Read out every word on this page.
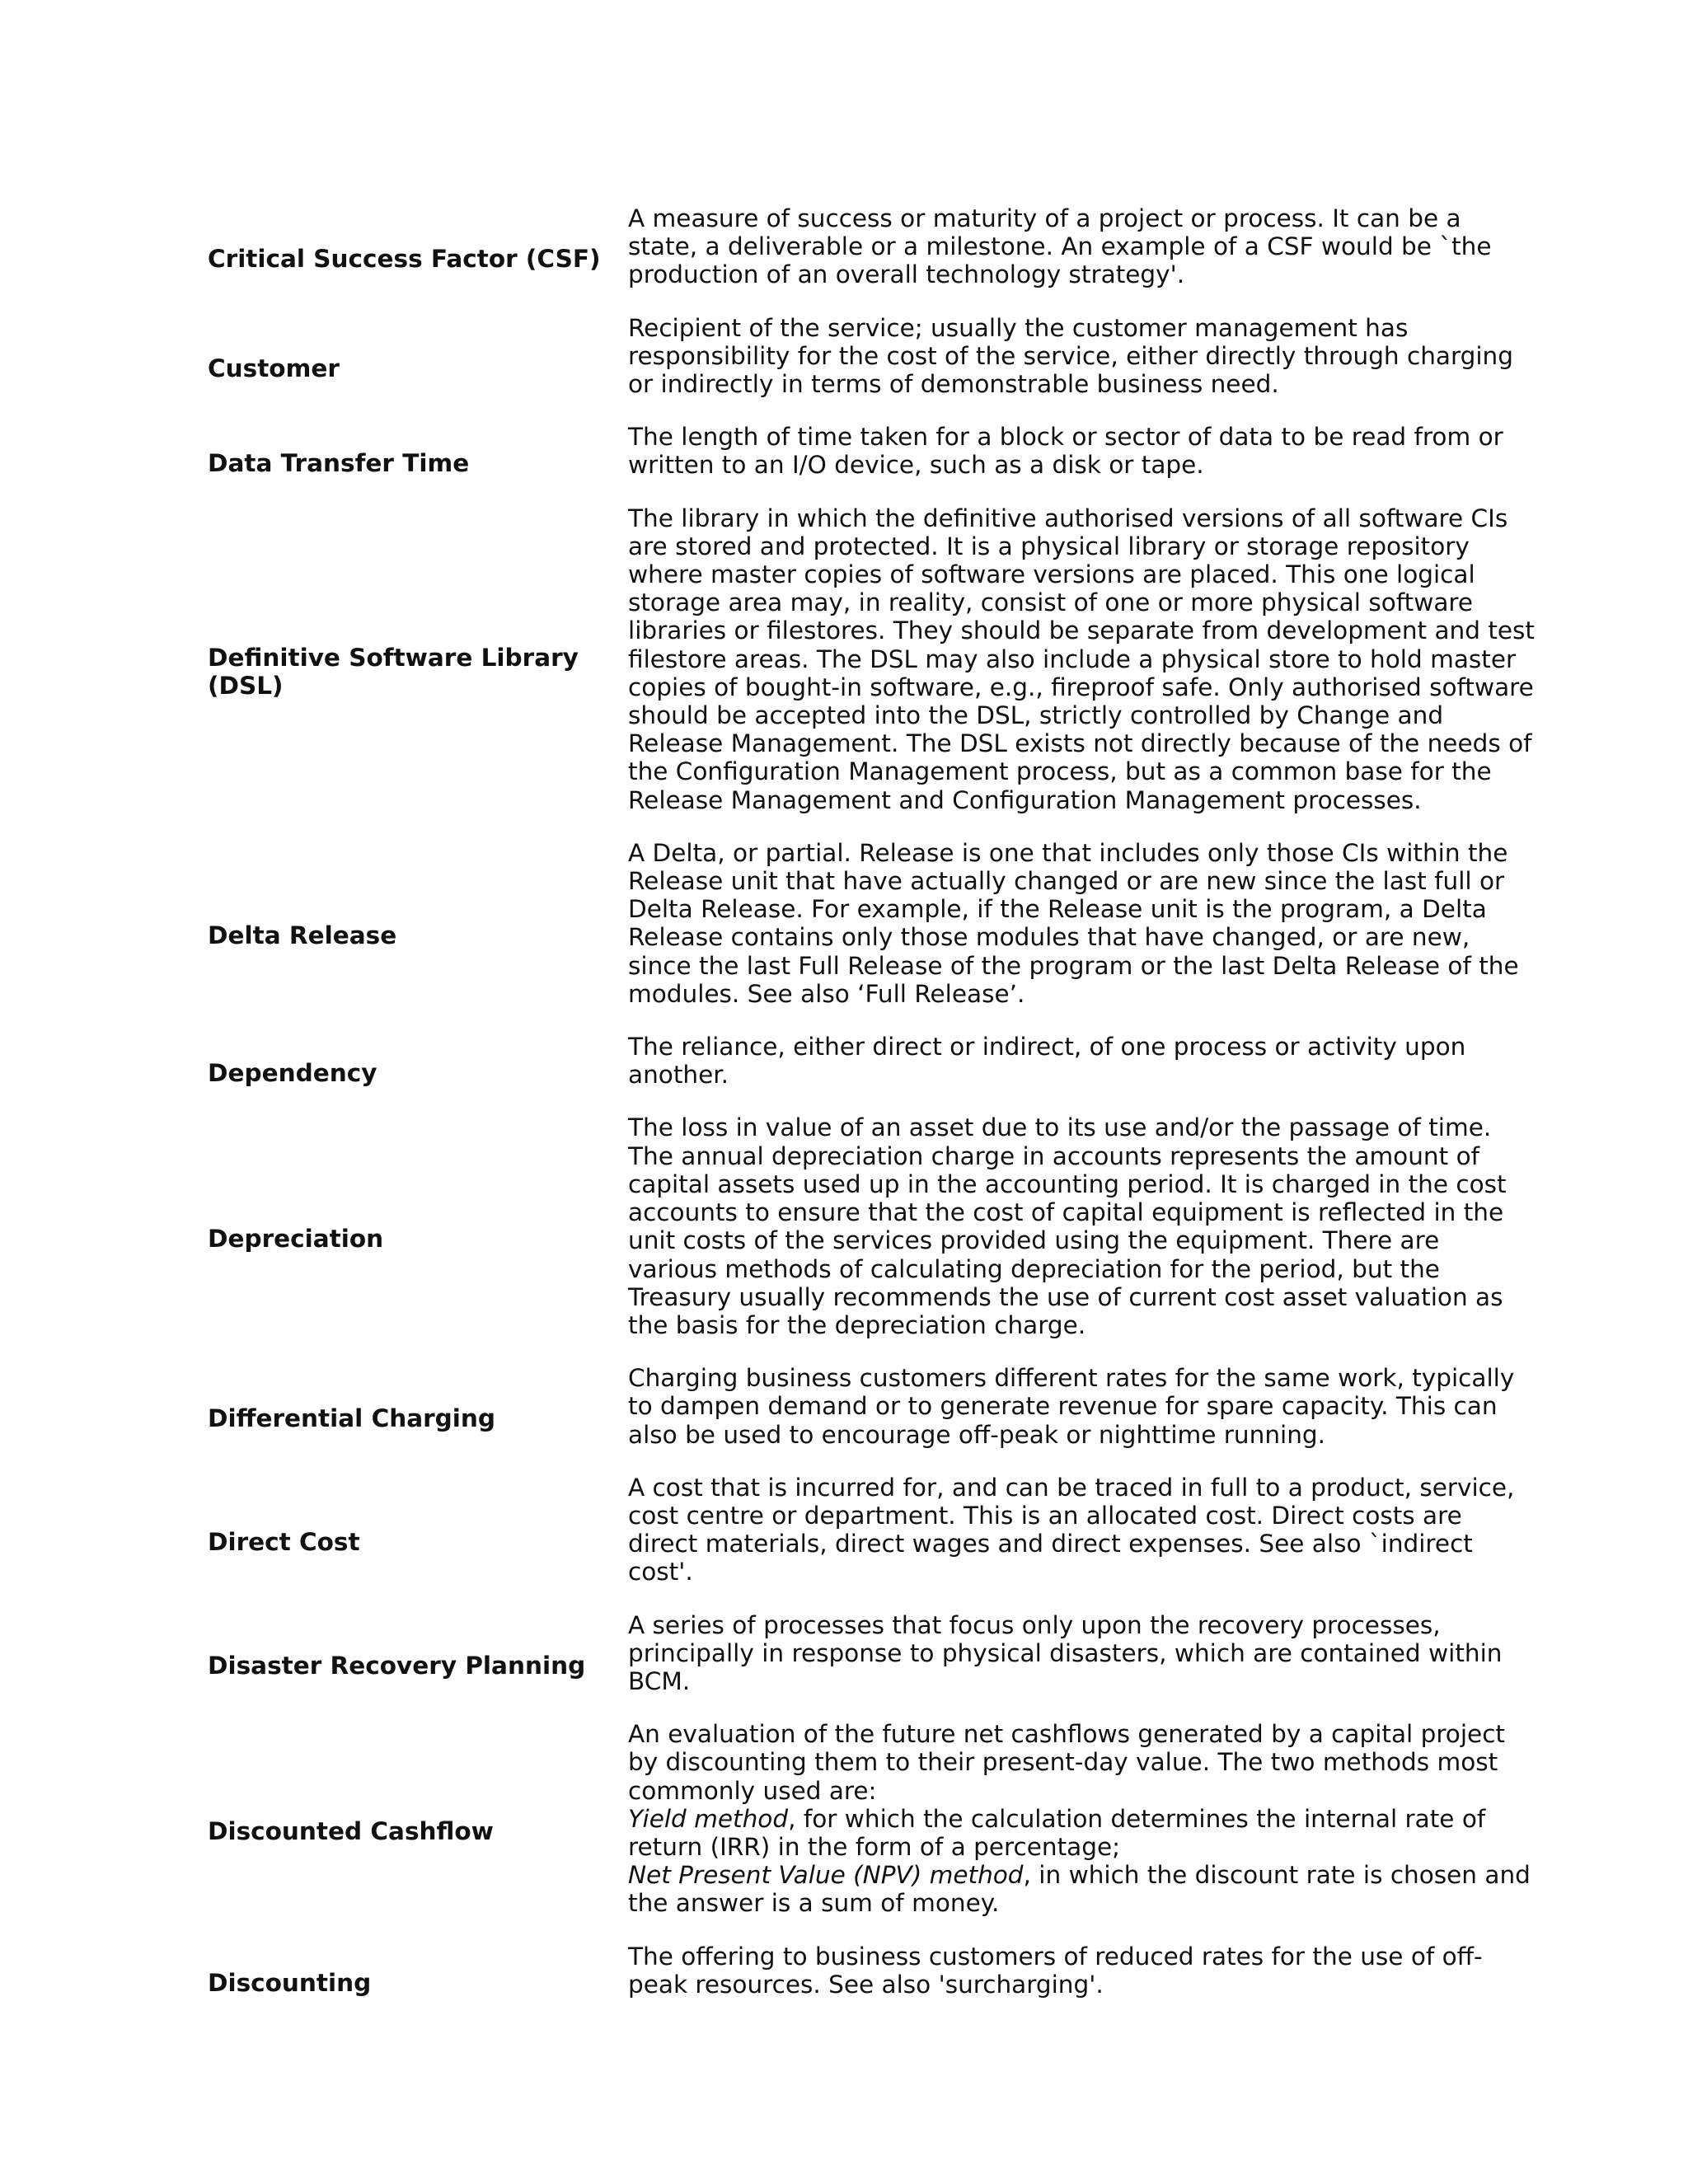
Critical Success Factor (CSF)	A measure of success or maturity of a project or process. It can be a state, a deliverable or a milestone. An example of a CSF would be `the production of an overall technology strategy'.
Customer	Recipient of the service; usually the customer management has responsibility for the cost of the service, either directly through charging or indirectly in terms of demonstrable business need.
Data Transfer Time	The length of time taken for a block or sector of data to be read from or written to an I/O device, such as a disk or tape.
Definitive Software Library (DSL)	The library in which the definitive authorised versions of all software CIs are stored and protected. It is a physical library or storage repository where master copies of software versions are placed. This one logical storage area may, in reality, consist of one or more physical software libraries or filestores. They should be separate from development and test filestore areas. The DSL may also include a physical store to hold master copies of bought-in software, e.g., fireproof safe. Only authorised software should be accepted into the DSL, strictly controlled by Change and Release Management. The DSL exists not directly because of the needs of the Configuration Management process, but as a common base for the Release Management and Configuration Management processes.
Delta Release	A Delta, or partial. Release is one that includes only those CIs within the Release unit that have actually changed or are new since the last full or Delta Release. For example, if the Release unit is the program, a Delta Release contains only those modules that have changed, or are new, since the last Full Release of the program or the last Delta Release of the modules. See also ‘Full Release’.
Dependency	The reliance, either direct or indirect, of one process or activity upon another.
Depreciation	The loss in value of an asset due to its use and/or the passage of time. The annual depreciation charge in accounts represents the amount of capital assets used up in the accounting period. It is charged in the cost accounts to ensure that the cost of capital equipment is reflected in the unit costs of the services provided using the equipment. There are various methods of calculating depreciation for the period, but the Treasury usually recommends the use of current cost asset valuation as the basis for the depreciation charge.
Differential Charging	Charging business customers different rates for the same work, typically to dampen demand or to generate revenue for spare capacity. This can also be used to encourage off-peak or nighttime running.
Direct Cost	A cost that is incurred for, and can be traced in full to a product, service, cost centre or department. This is an allocated cost. Direct costs are direct materials, direct wages and direct expenses. See also `indirect cost'.
Disaster Recovery Planning	A series of processes that focus only upon the recovery processes, principally in response to physical disasters, which are contained within BCM.
Discounted Cashflow	An evaluation of the future net cashflows generated by a capital project by discounting them to their present-day value. The two methods most commonly used are:

Yield method, for which the calculation determines the internal rate of return (IRR) in the form of a percentage;

Net Present Value (NPV) method, in which the discount rate is chosen and the answer is a sum of money.

Discounting	The offering to business customers of reduced rates for the use of off-peak resources. See also 'surcharging'.
